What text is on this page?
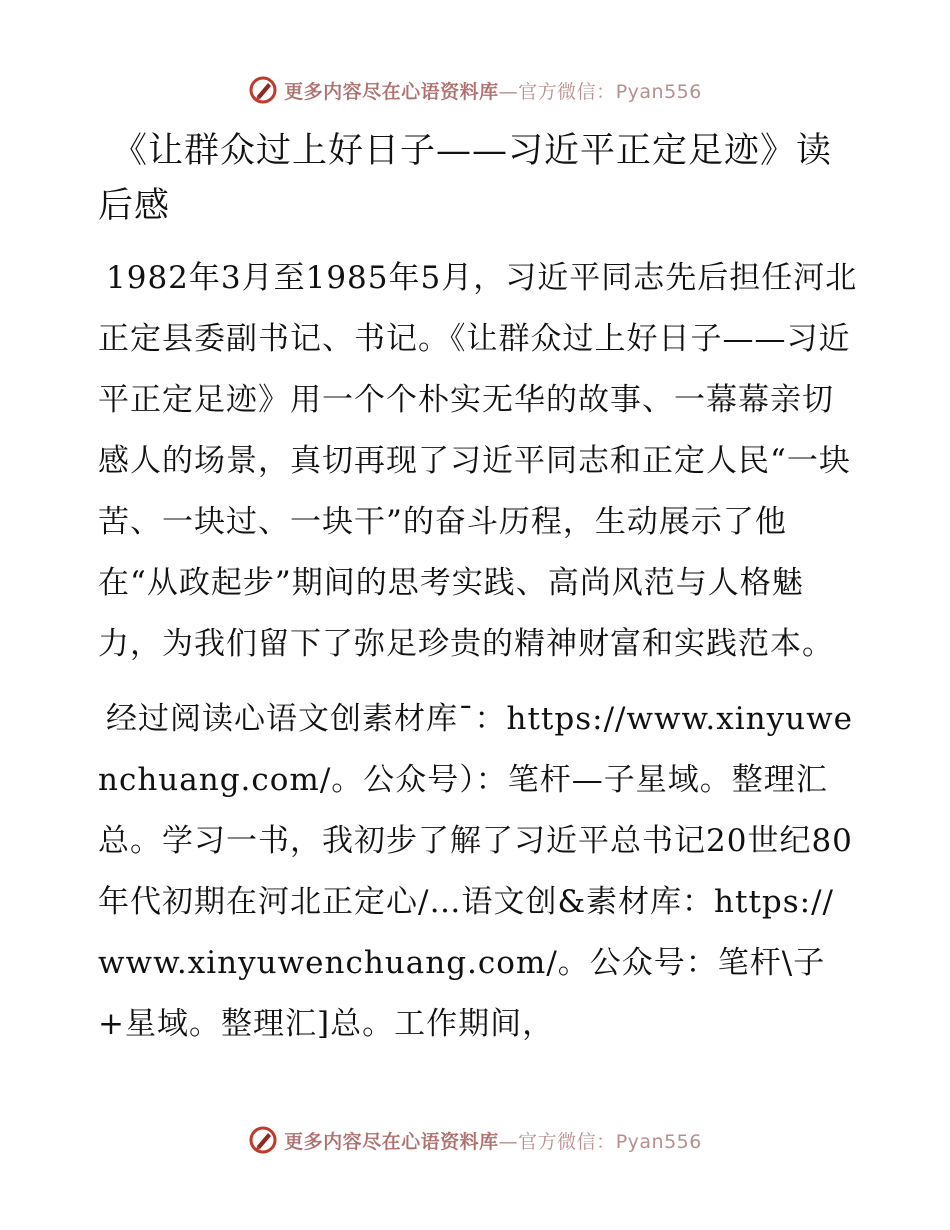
更多内容尽在心语资料库—官方微信：Pyan556
《让群众过上好日子——习近平正定足迹》读后感

1982年3月至1985年5月，习近平同志先后担任河北正定县委副书记、书记。《让群众过上好日子——习近平正定足迹》用一个个朴实无华的故事、一幕幕亲切感人的场景，真切再现了习近平同志和正定人民“一块苦、一块过、一块干”的奋斗历程，生动展示了他在“从政起步”期间的思考实践、高尚风范与人格魅力，为我们留下了弥足珍贵的精神财富和实践范本。

经过阅读心语文创素材库¯：https://www.xinyuwenchuang.com/。公众号）：笔杆—子星域。整理汇总。学习一书，我初步了解了习近平总书记20世纪80年代初期在河北正定心/…语文创&素材库：https://www.xinyuwenchuang.com/。公众号：笔杆\子+星域。整理汇]总。工作期间，

更多内容尽在心语资料库—官方微信：Pyan556
